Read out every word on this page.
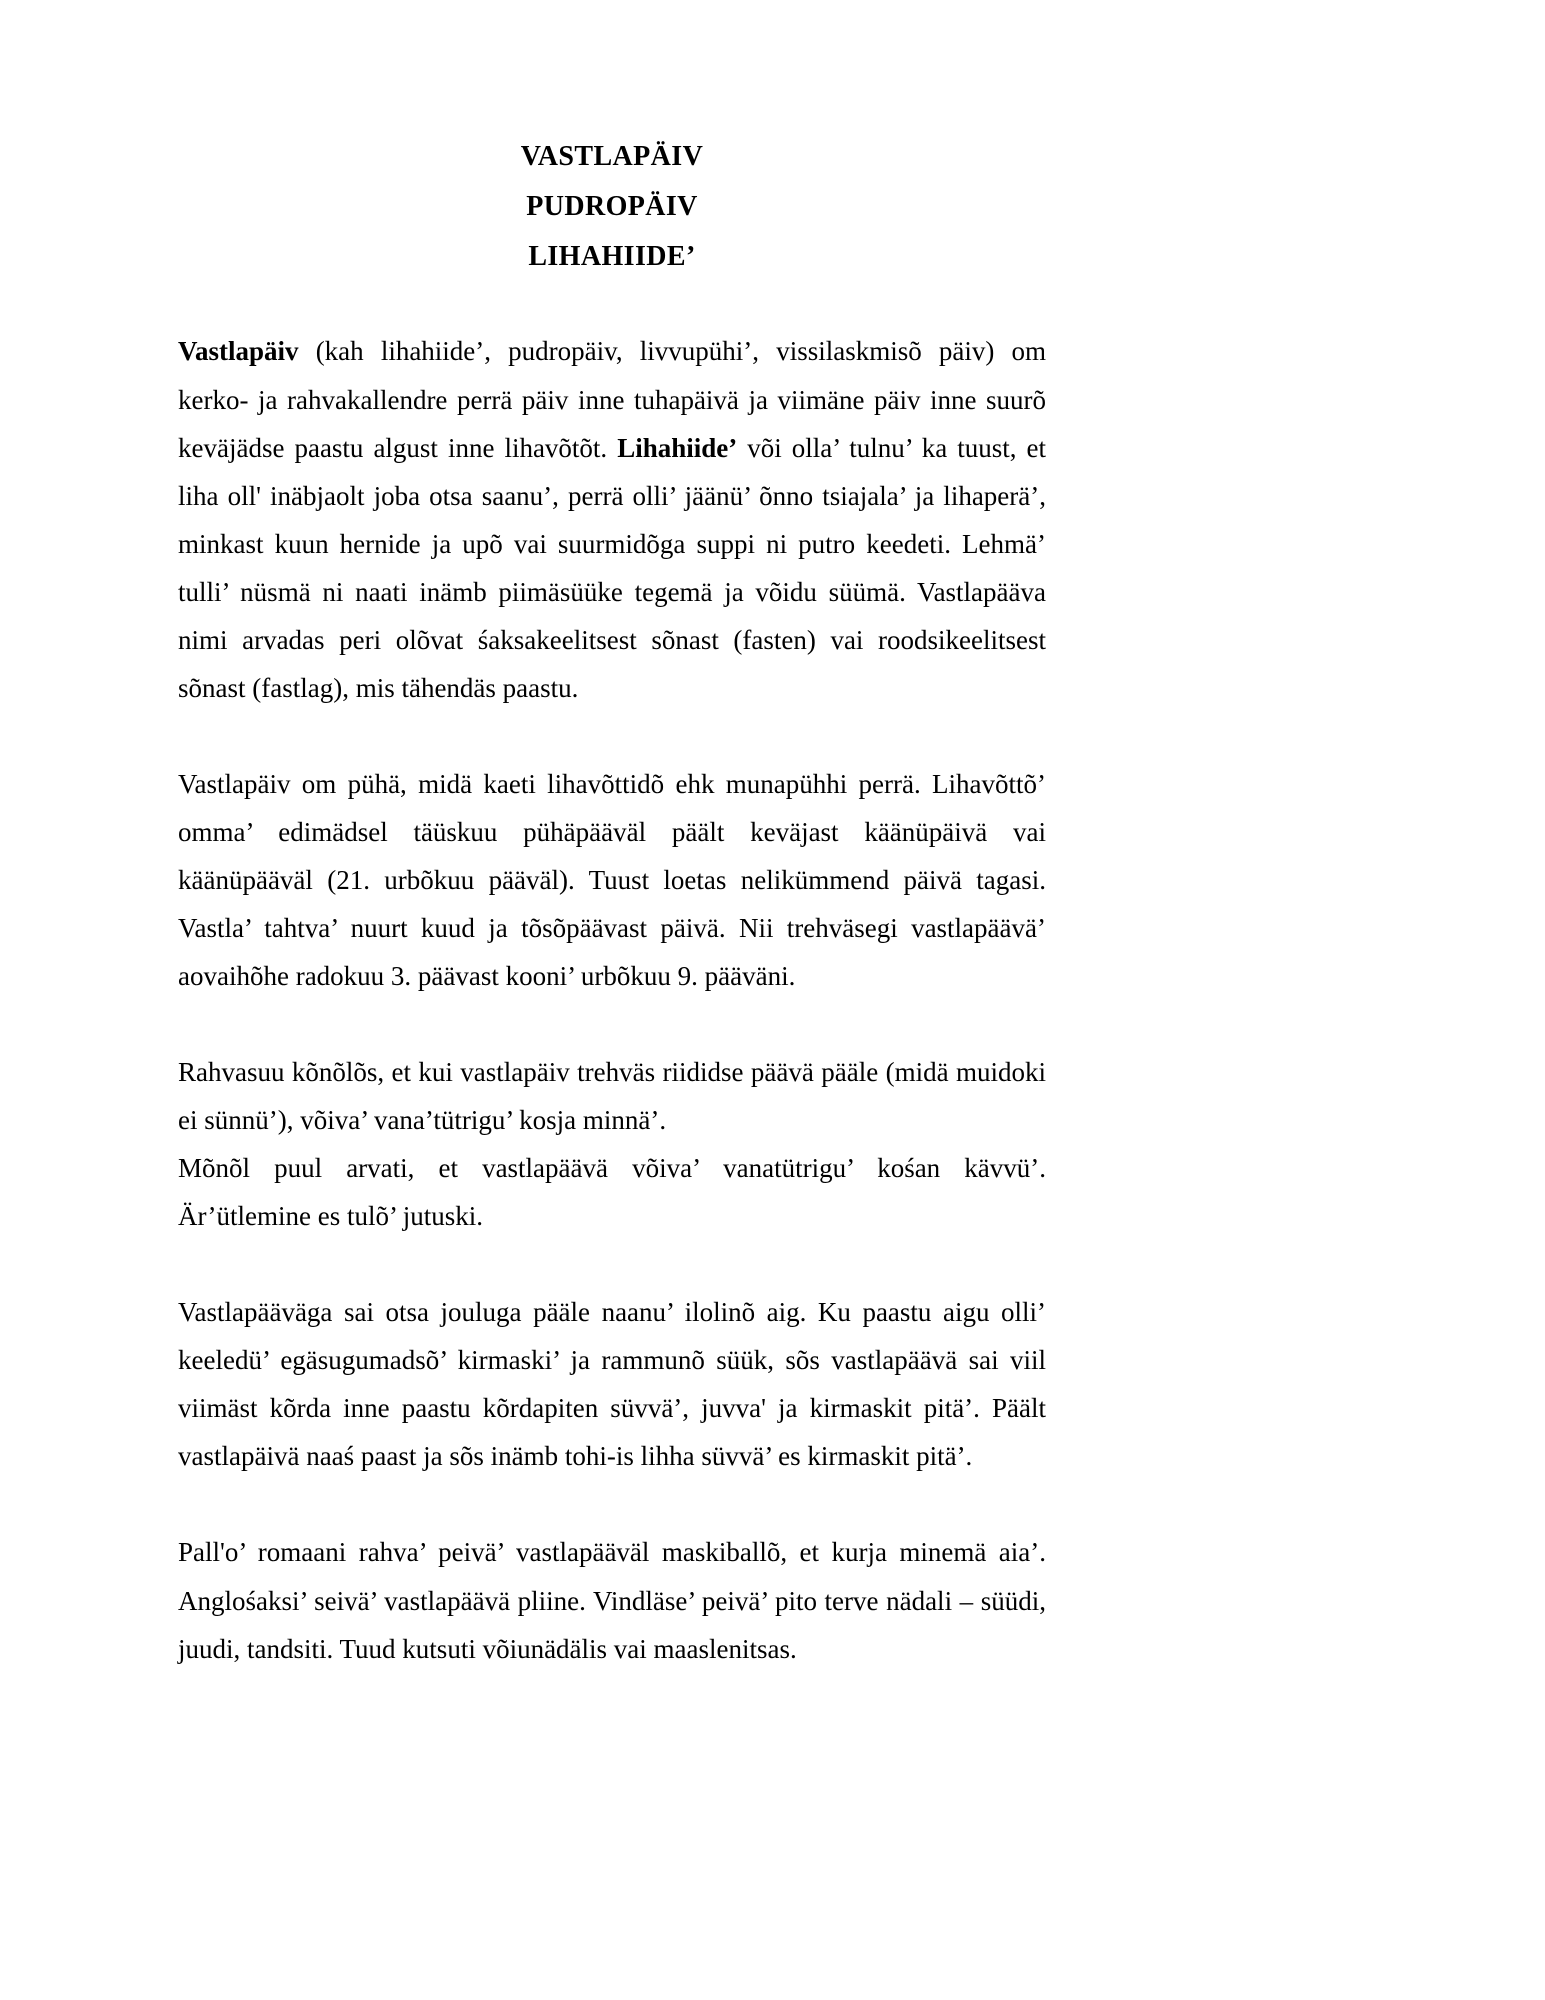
VASTLAPÄIV
PUDROPÄIV
LIHAHIIDE’

Vastlapäiv (kah lihahiide’, pudropäiv, livvupühi’, vissilaskmisõ päiv) om kerko- ja rahvakallendre perrä päiv inne tuhapäivä ja viimäne päiv inne suurõ keväjädse paastu algust inne lihavõtõt. Lihahiide’ või olla’ tulnu’ ka tuust, et liha oll' inäbjaolt joba otsa saanu’, perrä olli’ jäänü’ õnno tsiajala’ ja lihaperä’, minkast kuun hernide ja upõ vai suurmidõga suppi ni putro keedeti. Lehmä’ tulli’ nüsmä ni naati inämb piimäsüüke tegemä ja võidu süümä. Vastlapääva nimi arvadas peri olõvat śaksakeelitsest sõnast (fasten) vai roodsikeelitsest sõnast (fastlag), mis tähendäs paastu.

Vastlapäiv om pühä, midä kaeti lihavõttidõ ehk munapühhi perrä. Lihavõttõ’ omma’ edimädsel täüskuu pühäpääväl päält keväjast käänüpäivä vai käänüpääväl (21. urbõkuu pääväl). Tuust loetas nelikümmend päivä tagasi. Vastla’ tahtva’ nuurt kuud ja tõsõpäävast päivä. Nii trehväsegi vastlapäävä’ aovaihõhe radokuu 3. päävast kooni’ urbõkuu 9. pääväni.

Rahvasuu kõnõlõs, et kui vastlapäiv trehväs riididse päävä pääle (midä muidoki ei sünnü’), võiva’ vana’tütrigu’ kosja minnä’.

Mõnõl puul arvati, et vastlapäävä võiva’ vanatütrigu’ kośan kävvü’. Är’ütlemine es tulõ’ jutuski.

Vastlapääväga sai otsa jouluga pääle naanu’ ilolinõ aig. Ku paastu aigu olli’ keeledü’ egäsugumadsõ’ kirmaski’ ja rammunõ süük, sõs vastlapäävä sai viil viimäst kõrda inne paastu kõrdapiten süvvä’, juvva' ja kirmaskit pitä’. Päält vastlapäivä naaś paast ja sõs inämb tohi-is lihha süvvä’ es kirmaskit pitä’.

Pall'o’ romaani rahva’ peivä’ vastlapääväl maskiballõ, et kurja minemä aia’. Anglośaksi’ seivä’ vastlapäävä pliine. Vindläse’ peivä’ pito terve nädali – süüdi, juudi, tandsiti. Tuud kutsuti võiunädälis vai maaslenitsas.
